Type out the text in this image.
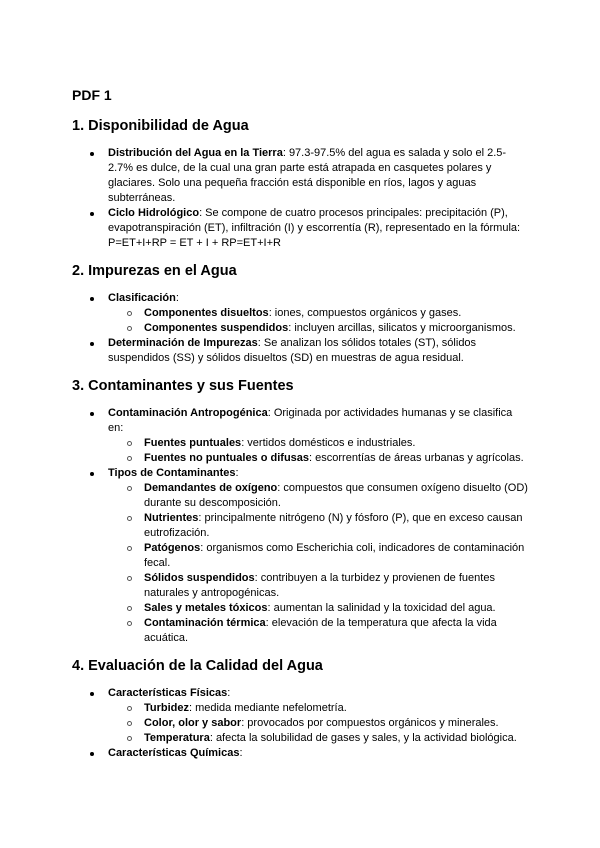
PDF 1
1. Disponibilidad de Agua
Distribución del Agua en la Tierra: 97.3-97.5% del agua es salada y solo el 2.5-2.7% es dulce, de la cual una gran parte está atrapada en casquetes polares y glaciares. Solo una pequeña fracción está disponible en ríos, lagos y aguas subterráneas.
Ciclo Hidrológico: Se compone de cuatro procesos principales: precipitación (P), evapotranspiración (ET), infiltración (I) y escorrentía (R), representado en la fórmula: P=ET+I+RP = ET + I + RP=ET+I+R
2. Impurezas en el Agua
Clasificación:
Componentes disueltos: iones, compuestos orgánicos y gases.
Componentes suspendidos: incluyen arcillas, silicatos y microorganismos.
Determinación de Impurezas: Se analizan los sólidos totales (ST), sólidos suspendidos (SS) y sólidos disueltos (SD) en muestras de agua residual.
3. Contaminantes y sus Fuentes
Contaminación Antropogénica: Originada por actividades humanas y se clasifica en:
Fuentes puntuales: vertidos domésticos e industriales.
Fuentes no puntuales o difusas: escorrentías de áreas urbanas y agrícolas.
Tipos de Contaminantes:
Demandantes de oxígeno: compuestos que consumen oxígeno disuelto (OD) durante su descomposición.
Nutrientes: principalmente nitrógeno (N) y fósforo (P), que en exceso causan eutrofización.
Patógenos: organismos como Escherichia coli, indicadores de contaminación fecal.
Sólidos suspendidos: contribuyen a la turbidez y provienen de fuentes naturales y antropogénicas.
Sales y metales tóxicos: aumentan la salinidad y la toxicidad del agua.
Contaminación térmica: elevación de la temperatura que afecta la vida acuática.
4. Evaluación de la Calidad del Agua
Características Físicas:
Turbidez: medida mediante nefelometría.
Color, olor y sabor: provocados por compuestos orgánicos y minerales.
Temperatura: afecta la solubilidad de gases y sales, y la actividad biológica.
Características Químicas:
